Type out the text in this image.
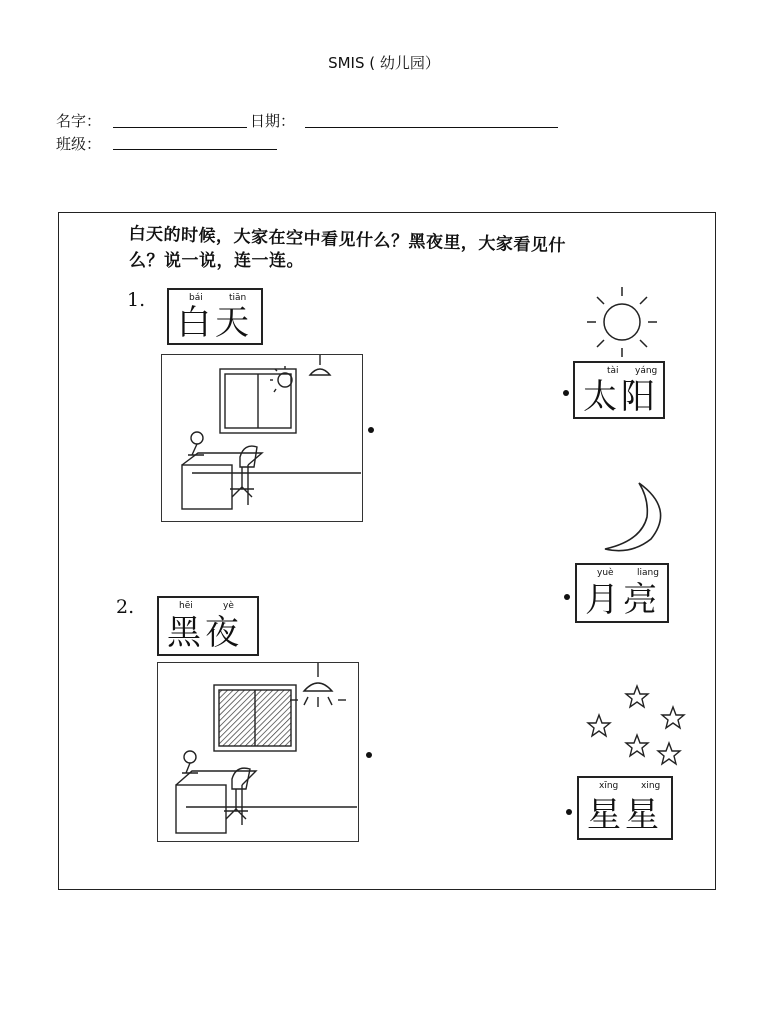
SMIS ( 幼儿园）
名字：	日期：
班级：
白天的时候，大家在空中看见什么？黑夜里，大家看见什
么？说一说，连一连。
1.	bái	tiān
白天
2.	hēi	yè
黑夜
tài yáng
太阳
yuè	liang
月亮
xīng	xing
星星
